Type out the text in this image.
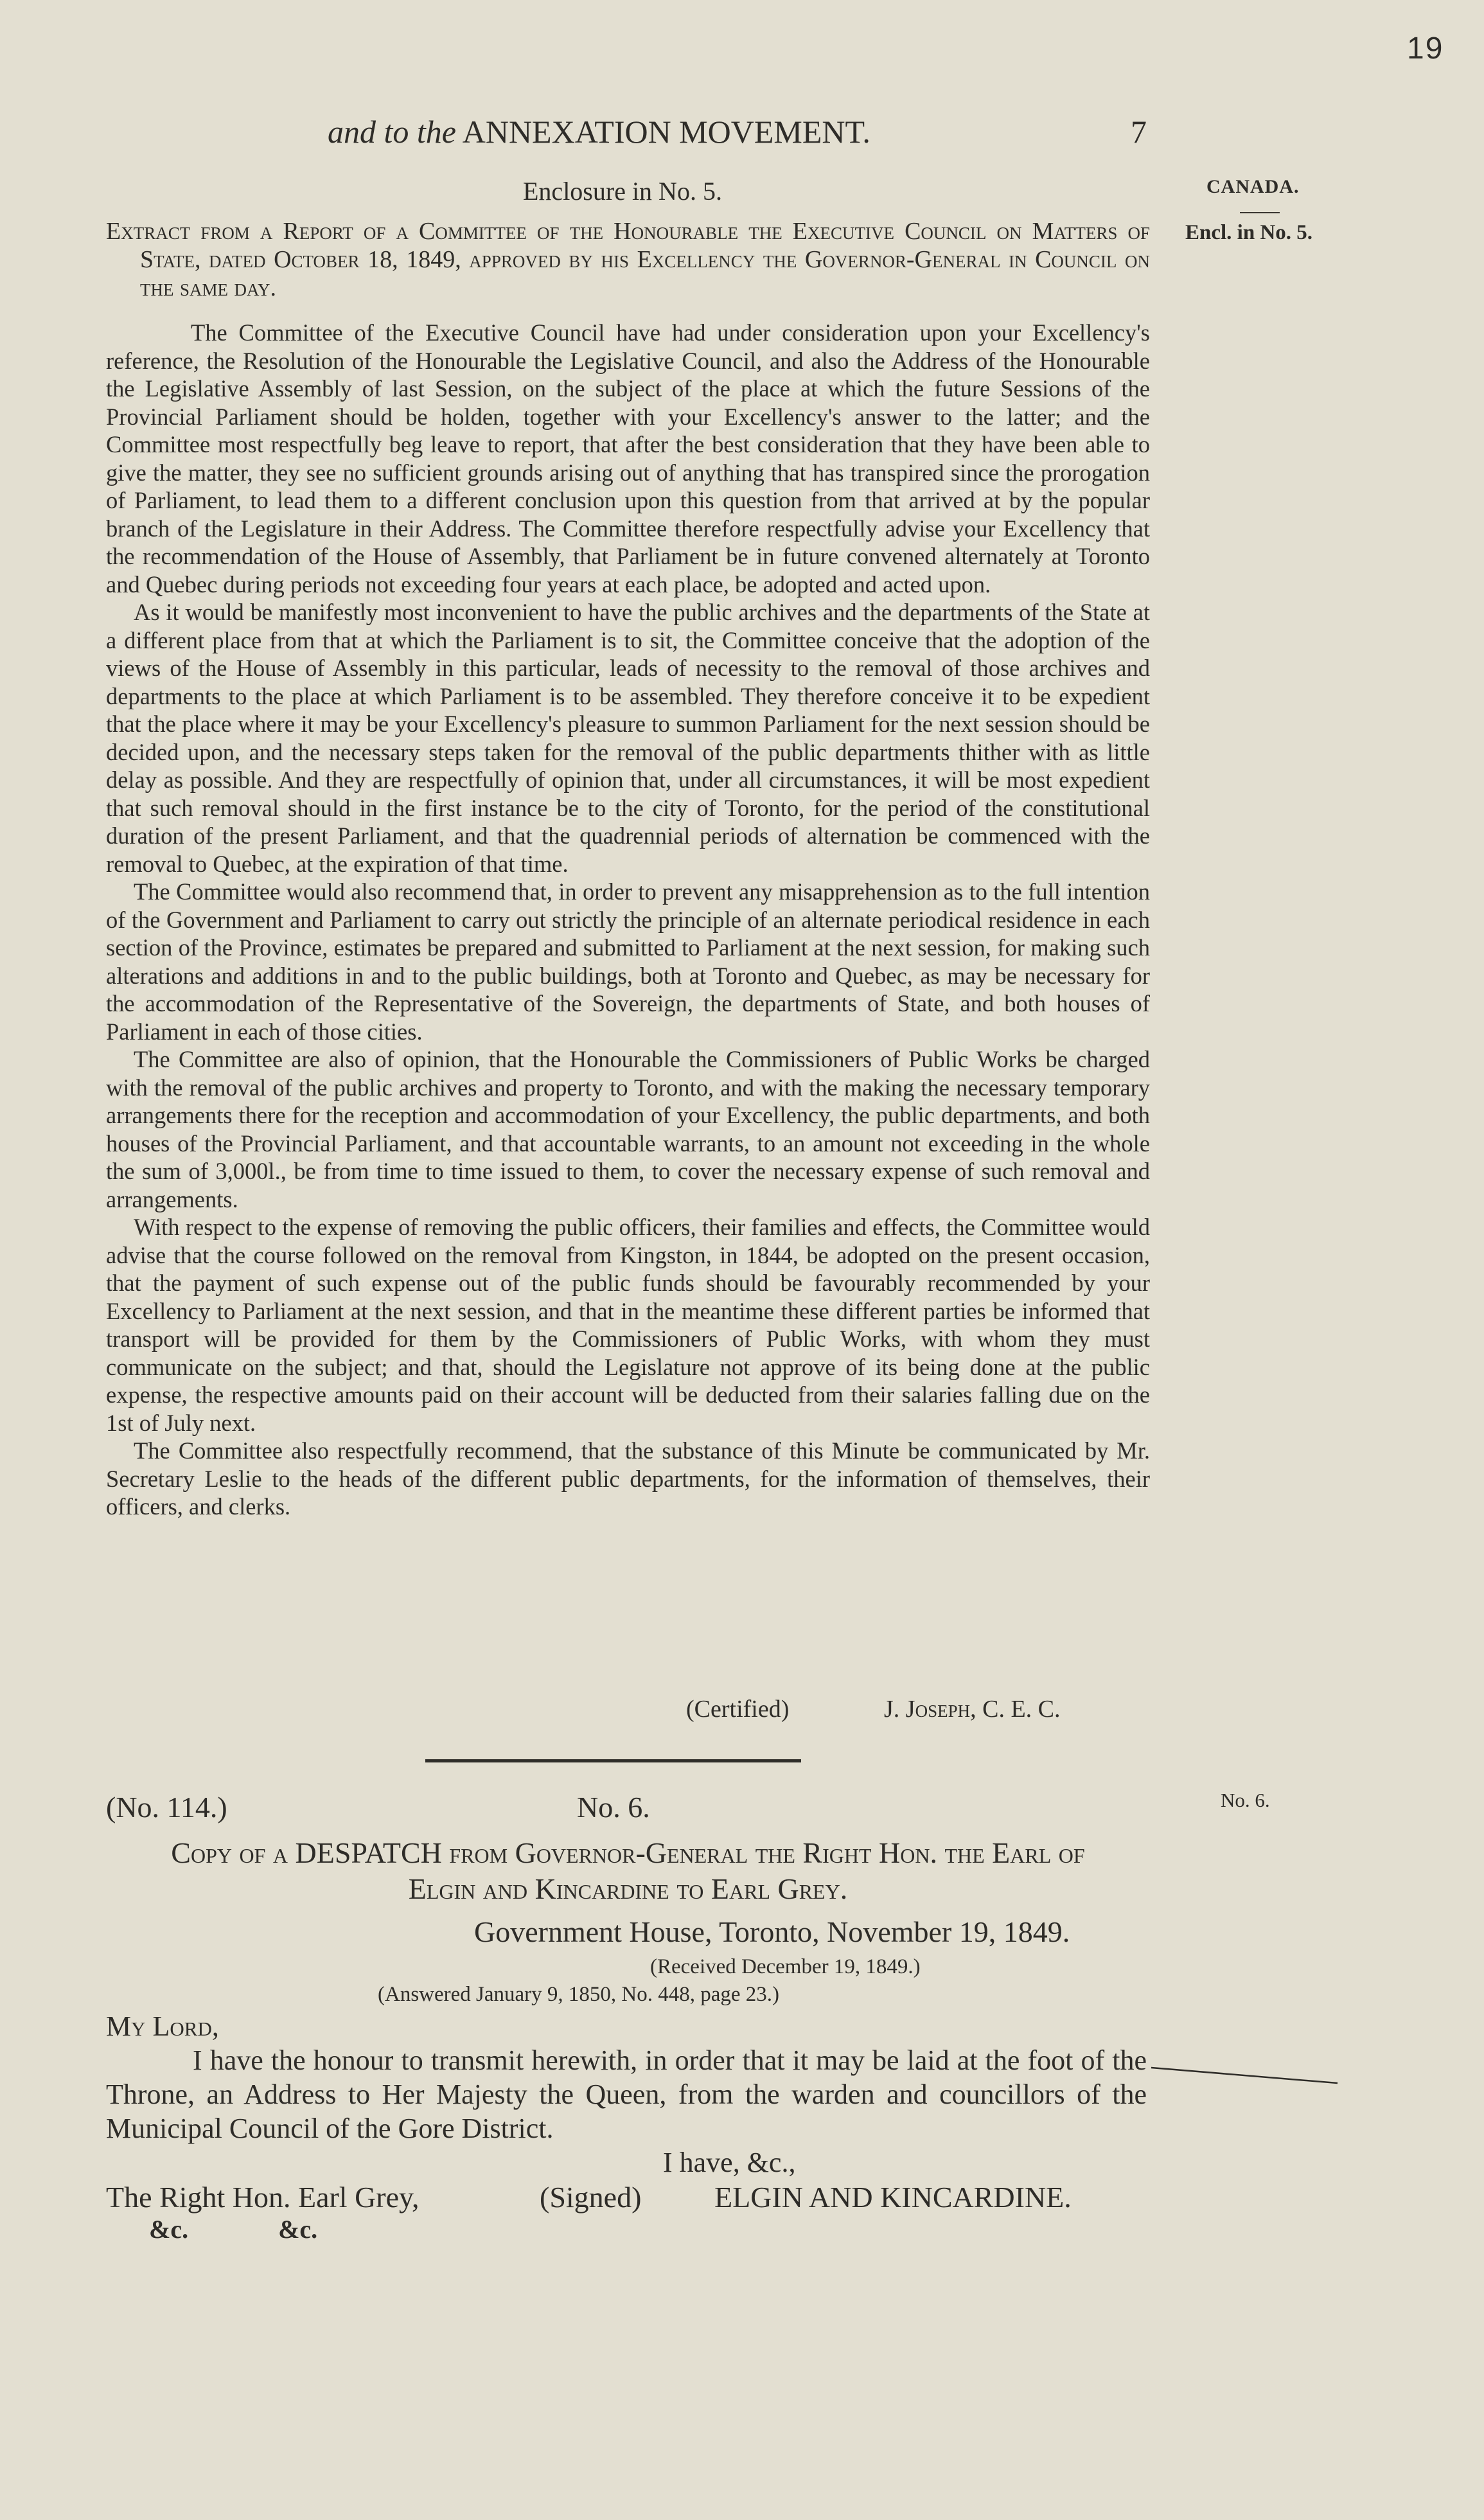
19
and to the ANNEXATION MOVEMENT.	7
CANADA.
Encl. in No. 5.
Enclosure in No. 5.

Extract from a Report of a Committee of the Honourable the Executive Council on Matters of State, dated October 18, 1849, approved by his Excellency the Governor-General in Council on the same day.

The Committee of the Executive Council have had under consideration upon your Excellency's reference, the Resolution of the Honourable the Legislative Council, and also the Address of the Honourable the Legislative Assembly of last Session, on the subject of the place at which the future Sessions of the Provincial Parliament should be holden, together with your Excellency's answer to the latter; and the Committee most respectfully beg leave to report, that after the best consideration that they have been able to give the matter, they see no sufficient grounds arising out of anything that has transpired since the prorogation of Parliament, to lead them to a different conclusion upon this question from that arrived at by the popular branch of the Legislature in their Address. The Committee therefore respectfully advise your Excellency that the recommendation of the House of Assembly, that Parliament be in future convened alternately at Toronto and Quebec during periods not exceeding four years at each place, be adopted and acted upon.

As it would be manifestly most inconvenient to have the public archives and the departments of the State at a different place from that at which the Parliament is to sit, the Committee conceive that the adoption of the views of the House of Assembly in this particular, leads of necessity to the removal of those archives and departments to the place at which Parliament is to be assembled. They therefore conceive it to be expedient that the place where it may be your Excellency's pleasure to summon Parliament for the next session should be decided upon, and the necessary steps taken for the removal of the public departments thither with as little delay as possible. And they are respectfully of opinion that, under all circumstances, it will be most expedient that such removal should in the first instance be to the city of Toronto, for the period of the constitutional duration of the present Parliament, and that the quadrennial periods of alternation be commenced with the removal to Quebec, at the expiration of that time.

The Committee would also recommend that, in order to prevent any misapprehension as to the full intention of the Government and Parliament to carry out strictly the principle of an alternate periodical residence in each section of the Province, estimates be prepared and submitted to Parliament at the next session, for making such alterations and additions in and to the public buildings, both at Toronto and Quebec, as may be necessary for the accommodation of the Representative of the Sovereign, the departments of State, and both houses of Parliament in each of those cities.

The Committee are also of opinion, that the Honourable the Commissioners of Public Works be charged with the removal of the public archives and property to Toronto, and with the making the necessary temporary arrangements there for the reception and accommodation of your Excellency, the public departments, and both houses of the Provincial Parliament, and that accountable warrants, to an amount not exceeding in the whole the sum of 3,000l., be from time to time issued to them, to cover the necessary expense of such removal and arrangements.

With respect to the expense of removing the public officers, their families and effects, the Committee would advise that the course followed on the removal from Kingston, in 1844, be adopted on the present occasion, that the payment of such expense out of the public funds should be favourably recommended by your Excellency to Parliament at the next session, and that in the meantime these different parties be informed that transport will be provided for them by the Commissioners of Public Works, with whom they must communicate on the subject; and that, should the Legislature not approve of its being done at the public expense, the respective amounts paid on their account will be deducted from their salaries falling due on the 1st of July next.

The Committee also respectfully recommend, that the substance of this Minute be communicated by Mr. Secretary Leslie to the heads of the different public departments, for the information of themselves, their officers, and clerks.

(Certified)	J. Joseph, C. E. C.
(No. 114.)	No. 6.	No. 6.
Copy of a DESPATCH from Governor-General the Right Hon. the Earl of
Elgin and Kincardine to Earl Grey.
Government House, Toronto, November 19, 1849.
(Received December 19, 1849.)
(Answered January 9, 1850, No. 448, page 23.)
My Lord,

I have the honour to transmit herewith, in order that it may be laid at the foot of the Throne, an Address to Her Majesty the Queen, from the warden and councillors of the Municipal Council of the Gore District.

I have, &c.,
The Right Hon. Earl Grey,	(Signed) ELGIN AND KINCARDINE.
&c.	&c.
